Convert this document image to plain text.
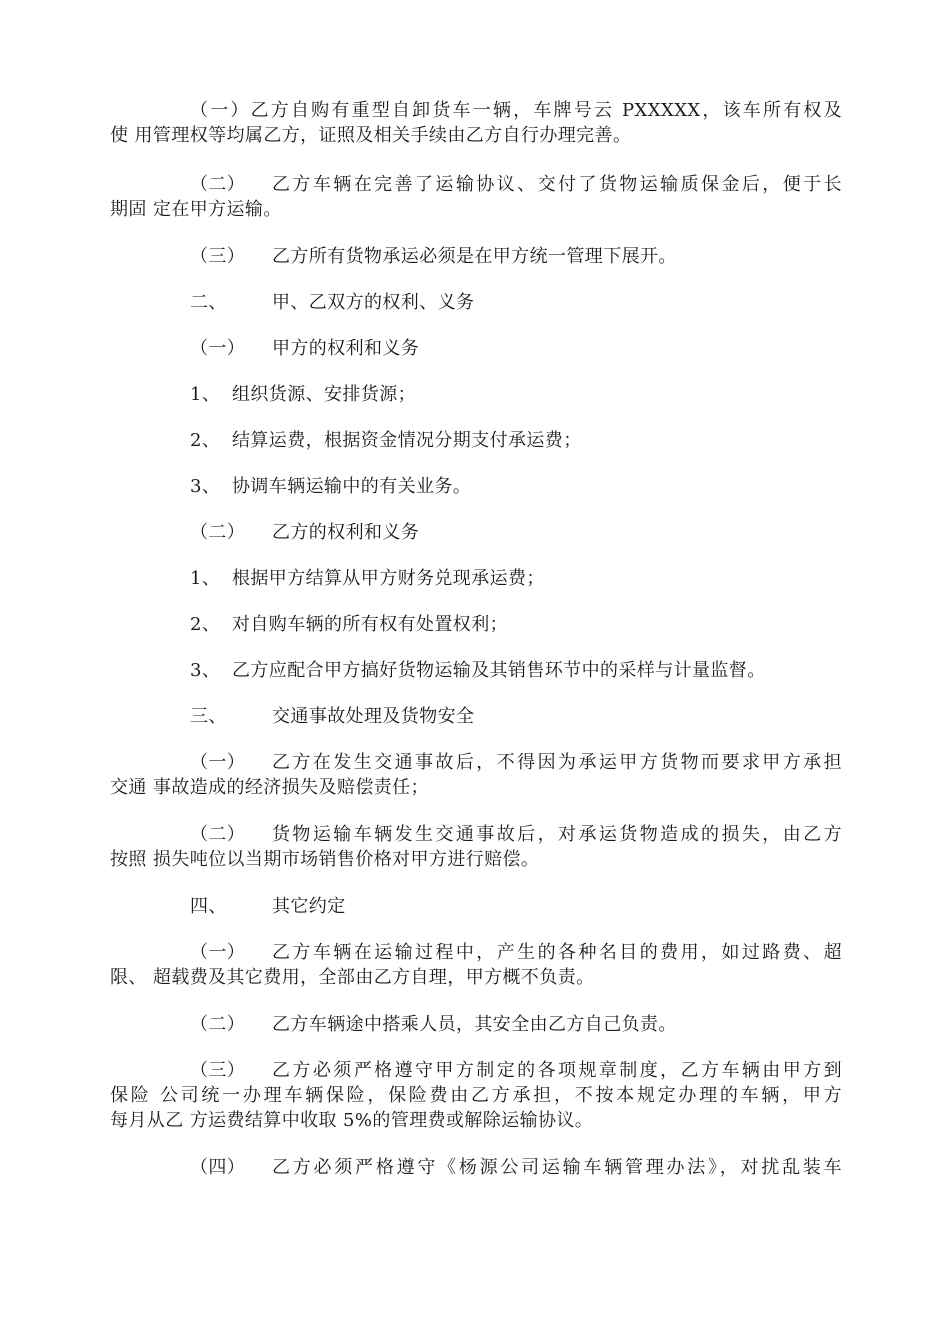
（一）乙方自购有重型自卸货车一辆，车牌号云 PXXXXX，该车所有权及
使 用管理权等均属乙方，证照及相关手续由乙方自行办理完善。
（二） 乙方车辆在完善了运输协议、交付了货物运输质保金后，便于长
期固 定在甲方运输。
（三） 乙方所有货物承运必须是在甲方统一管理下展开。
二、	甲、乙双方的权利、义务
（一） 甲方的权利和义务
1、 组织货源、安排货源；
2、 结算运费，根据资金情况分期支付承运费；
3、 协调车辆运输中的有关业务。
（二） 乙方的权利和义务
1、 根据甲方结算从甲方财务兑现承运费；
2、 对自购车辆的所有权有处置权利；
3、 乙方应配合甲方搞好货物运输及其销售环节中的采样与计量监督。
三、	交通事故处理及货物安全
（一） 乙方在发生交通事故后，不得因为承运甲方货物而要求甲方承担
交通 事故造成的经济损失及赔偿责任；
（二） 货物运输车辆发生交通事故后，对承运货物造成的损失，由乙方
按照 损失吨位以当期市场销售价格对甲方进行赔偿。
四、	其它约定
（一） 乙方车辆在运输过程中，产生的各种名目的费用，如过路费、超
限、 超载费及其它费用，全部由乙方自理，甲方概不负责。
（二） 乙方车辆途中搭乘人员，其安全由乙方自己负责。
（三） 乙方必须严格遵守甲方制定的各项规章制度，乙方车辆由甲方到
保险 公司统一办理车辆保险，保险费由乙方承担，不按本规定办理的车辆，甲方
每月从乙 方运费结算中收取 5%的管理费或解除运输协议。
（四） 乙方必须严格遵守《杨源公司运输车辆管理办法》，对扰乱装车
